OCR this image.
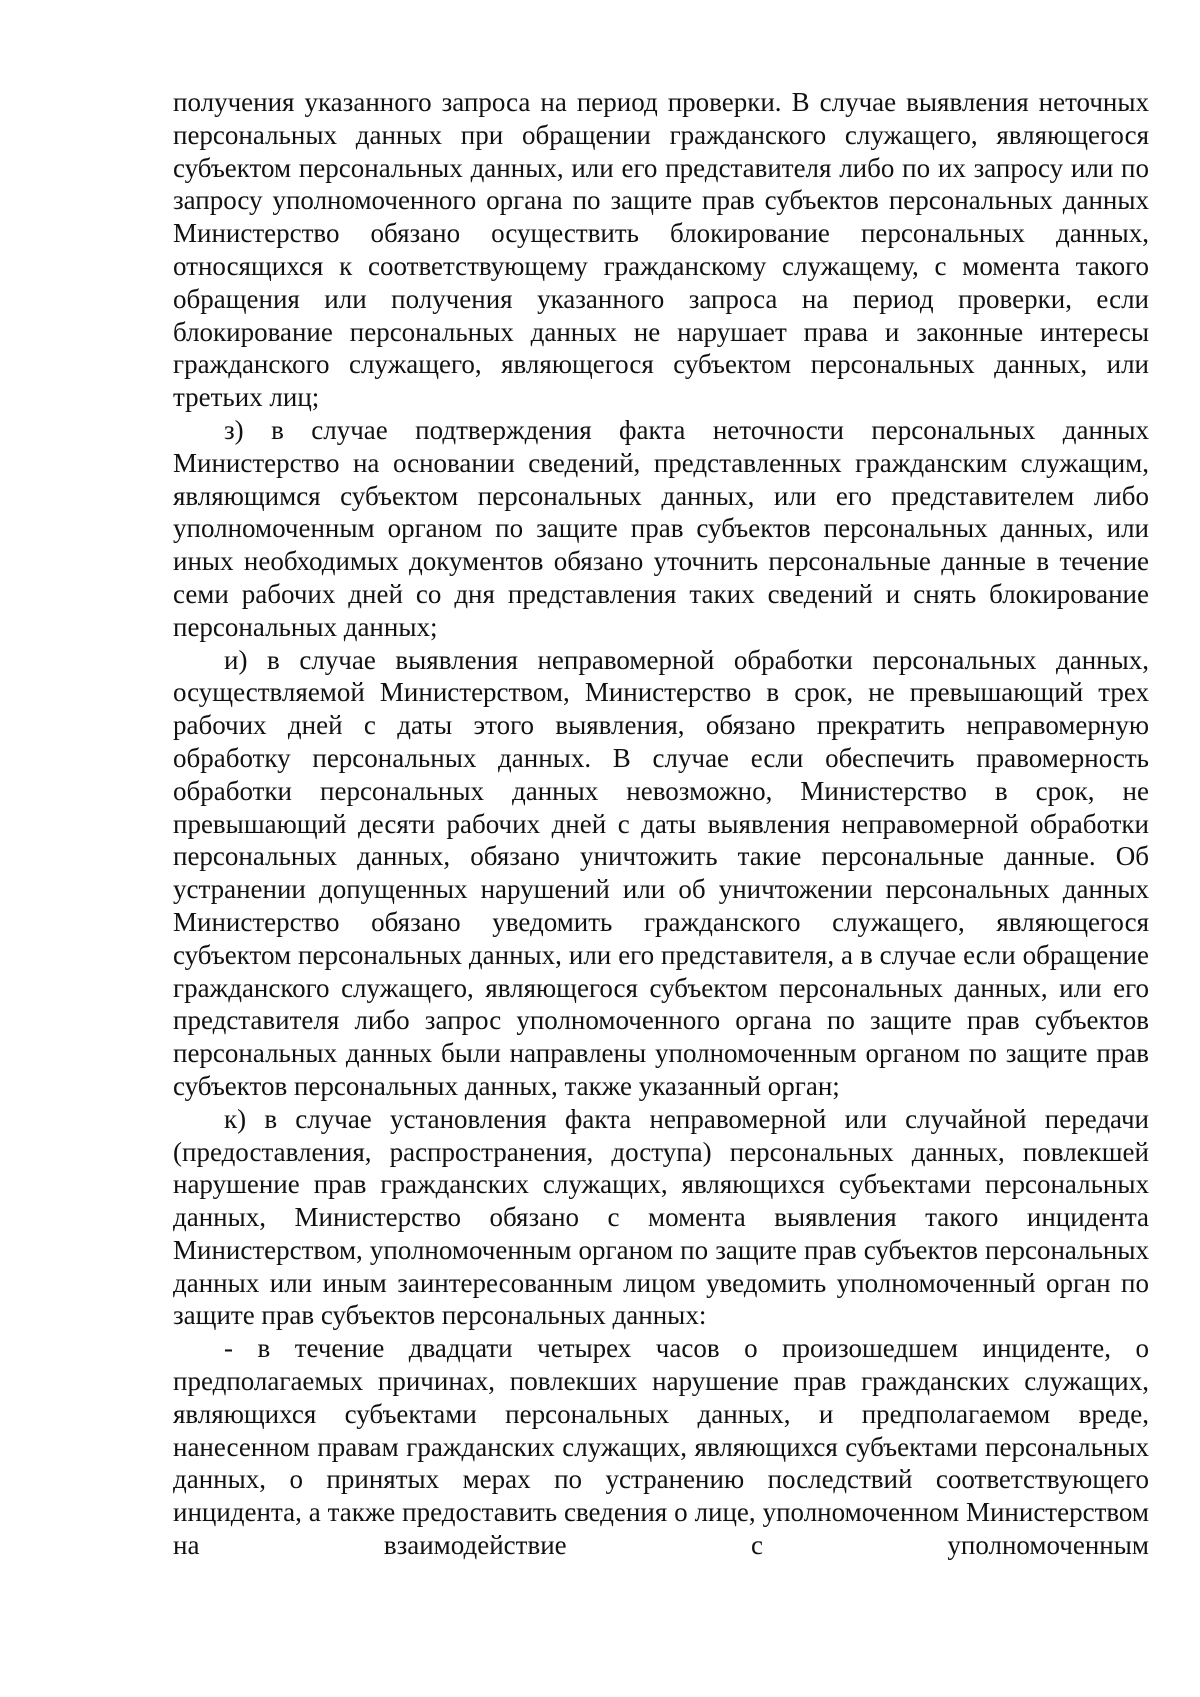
получения указанного запроса на период проверки. В случае выявления неточных персональных данных при обращении гражданского служащего, являющегося субъектом персональных данных, или его представителя либо по их запросу или по запросу уполномоченного органа по защите прав субъектов персональных данных Министерство обязано осуществить блокирование персональных данных, относящихся к соответствующему гражданскому служащему, с момента такого обращения или получения указанного запроса на период проверки, если блокирование персональных данных не нарушает права и законные интересы гражданского служащего, являющегося субъектом персональных данных, или третьих лиц;

з) в случае подтверждения факта неточности персональных данных Министерство на основании сведений, представленных гражданским служащим, являющимся субъектом персональных данных, или его представителем либо уполномоченным органом по защите прав субъектов персональных данных, или иных необходимых документов обязано уточнить персональные данные в течение семи рабочих дней со дня представления таких сведений и снять блокирование персональных данных;

и) в случае выявления неправомерной обработки персональных данных, осуществляемой Министерством, Министерство в срок, не превышающий трех рабочих дней с даты этого выявления, обязано прекратить неправомерную обработку персональных данных. В случае если обеспечить правомерность обработки персональных данных невозможно, Министерство в срок, не превышающий десяти рабочих дней с даты выявления неправомерной обработки персональных данных, обязано уничтожить такие персональные данные. Об устранении допущенных нарушений или об уничтожении персональных данных Министерство обязано уведомить гражданского служащего, являющегося субъектом персональных данных, или его представителя, а в случае если обращение гражданского служащего, являющегося субъектом персональных данных, или его представителя либо запрос уполномоченного органа по защите прав субъектов персональных данных были направлены уполномоченным органом по защите прав субъектов персональных данных, также указанный орган;

к) в случае установления факта неправомерной или случайной передачи (предоставления, распространения, доступа) персональных данных, повлекшей нарушение прав гражданских служащих, являющихся субъектами персональных данных, Министерство обязано с момента выявления такого инцидента Министерством, уполномоченным органом по защите прав субъектов персональных данных или иным заинтересованным лицом уведомить уполномоченный орган по защите прав субъектов персональных данных:

- в течение двадцати четырех часов о произошедшем инциденте, о предполагаемых причинах, повлекших нарушение прав гражданских служащих, являющихся субъектами персональных данных, и предполагаемом вреде, нанесенном правам гражданских служащих, являющихся субъектами персональных данных, о принятых мерах по устранению последствий соответствующего инцидента, а также предоставить сведения о лице, уполномоченном Министерством на взаимодействие с уполномоченным
